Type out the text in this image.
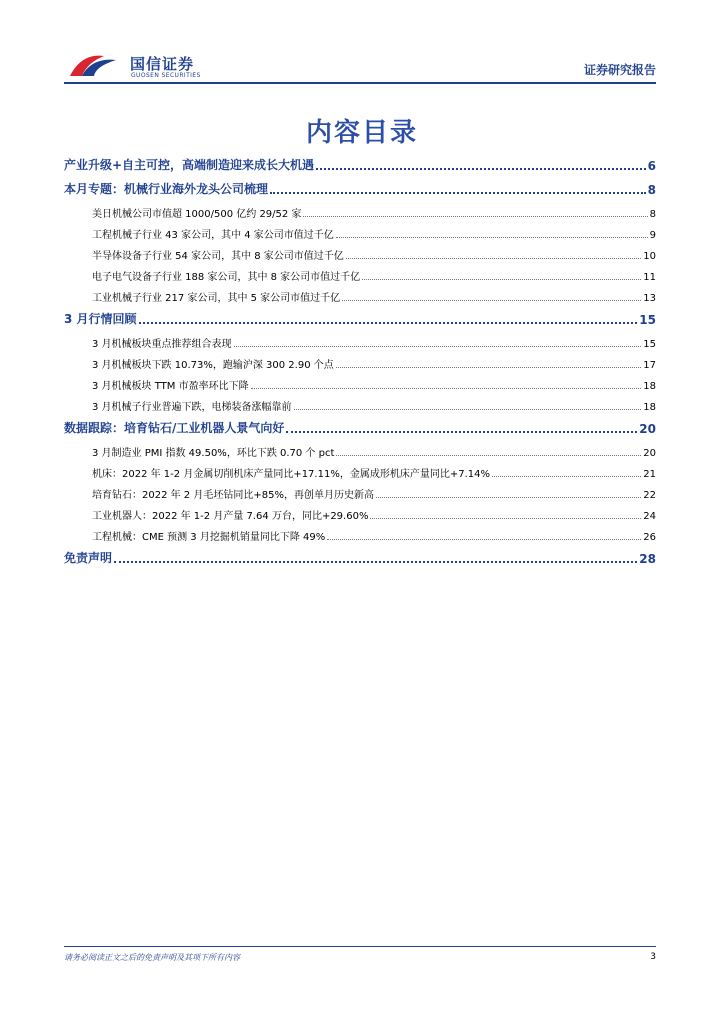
国信证券
GUOSEN SECURITIES	证券研究报告
内容目录
产业升级+自主可控，高端制造迎来成长大机遇	6
本月专题：机械行业海外龙头公司梳理	8
美日机械公司市值超 1000/500 亿约 29/52 家	8
工程机械子行业 43 家公司，其中 4 家公司市值过千亿	9
半导体设备子行业 54 家公司，其中 8 家公司市值过千亿	10
电子电气设备子行业 188 家公司，其中 8 家公司市值过千亿	11
工业机械子行业 217 家公司，其中 5 家公司市值过千亿	13
3 月行情回顾	15
3 月机械板块重点推荐组合表现	15
3 月机械板块下跌 10.73%，跑输沪深 300 2.90 个点	17
3 月机械板块 TTM 市盈率环比下降	18
3 月机械子行业普遍下跌，电梯装备涨幅靠前	18
数据跟踪：培育钻石/工业机器人景气向好	20
3 月制造业 PMI 指数 49.50%，环比下跌 0.70 个 pct	20
机床：2022 年 1-2 月金属切削机床产量同比+17.11%，金属成形机床产量同比+7.14%	21
培育钻石：2022 年 2 月毛坯钻同比+85%，再创单月历史新高	22
工业机器人：2022 年 1-2 月产量 7.64 万台，同比+29.60%	24
工程机械：CME 预测 3 月挖掘机销量同比下降 49%	26
免责声明	28
请务必阅读正文之后的免责声明及其项下所有内容	3
